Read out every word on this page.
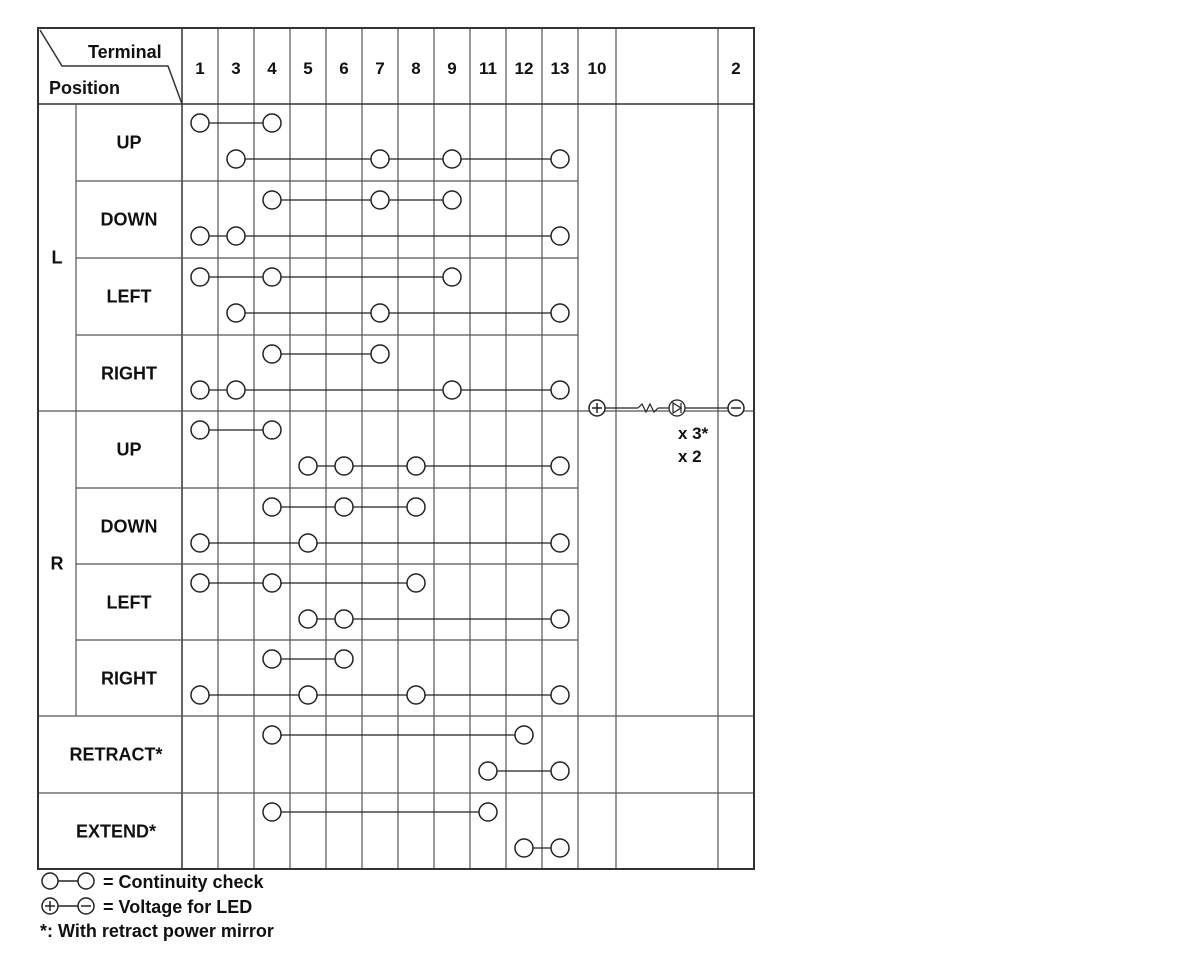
Terminal
Position
1 3 4 5 6 7 8 9 11 12 13 10	2
L
UP
DOWN
LEFT
RIGHT
R
UP
DOWN
LEFT
RIGHT
RETRACT*
EXTEND*
x 3*
x 2
= Continuity check
= Voltage for LED
*: With retract power mirror
